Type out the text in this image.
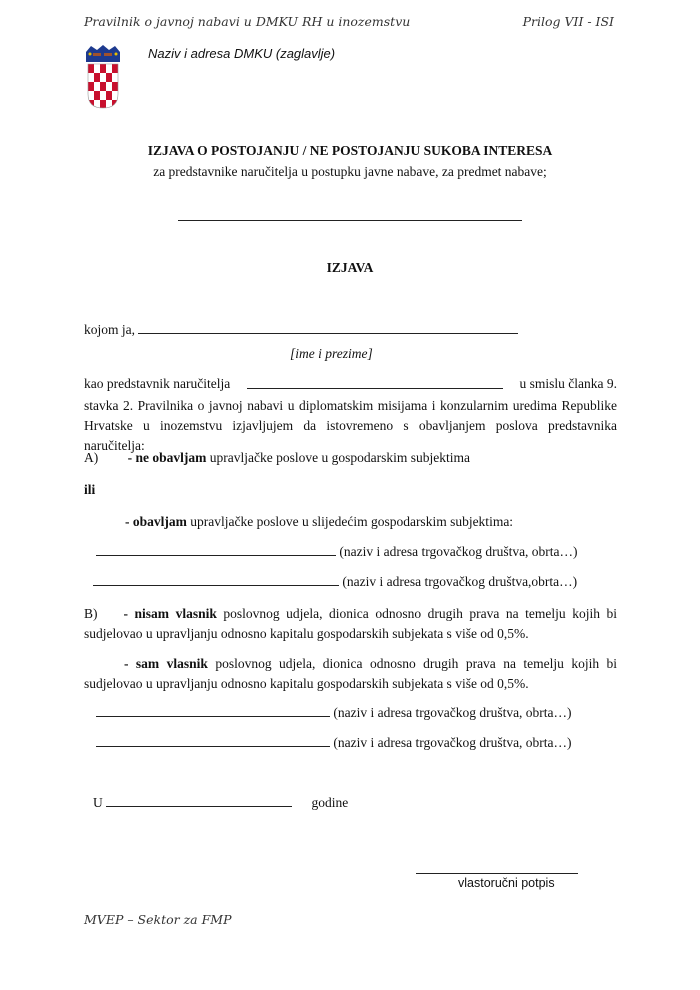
Pravilnik o javnoj nabavi u DMKU RH u inozemstvu	Prilog VII - ISI
Naziv i adresa DMKU (zaglavlje)
IZJAVA O POSTOJANJU / NE POSTOJANJU SUKOBA INTERESA
za predstavnike naručitelja u postupku javne nabave, za predmet nabave;
IZJAVA
kojom ja,
[ime i prezime]
kao predstavnik naručitelja	u smislu članka 9.
stavka 2. Pravilnika o javnoj nabavi u diplomatskim misijama i konzularnim uredima Republike Hrvatske u inozemstvu izjavljujem da istovremeno s obavljanjem poslova predstavnika naručitelja:
A) - ne obavljam upravljačke poslove u gospodarskim subjektima
ili
- obavljam upravljačke poslove u slijedećim gospodarskim subjektima:
(naziv i adresa trgovačkog društva, obrta…)
(naziv i adresa trgovačkog društva,obrta…)
B) - nisam vlasnik poslovnog udjela, dionica odnosno drugih prava na temelju kojih bi sudjelovao u upravljanju odnosno kapitalu gospodarskih subjekata s više od 0,5%.
- sam vlasnik poslovnog udjela, dionica odnosno drugih prava na temelju kojih bi sudjelovao u upravljanju odnosno kapitalu gospodarskih subjekata s više od 0,5%.
(naziv i adresa trgovačkog društva, obrta…)
(naziv i adresa trgovačkog društva, obrta…)
U	godine
vlastoručni potpis
MVEP – Sektor za FMP
